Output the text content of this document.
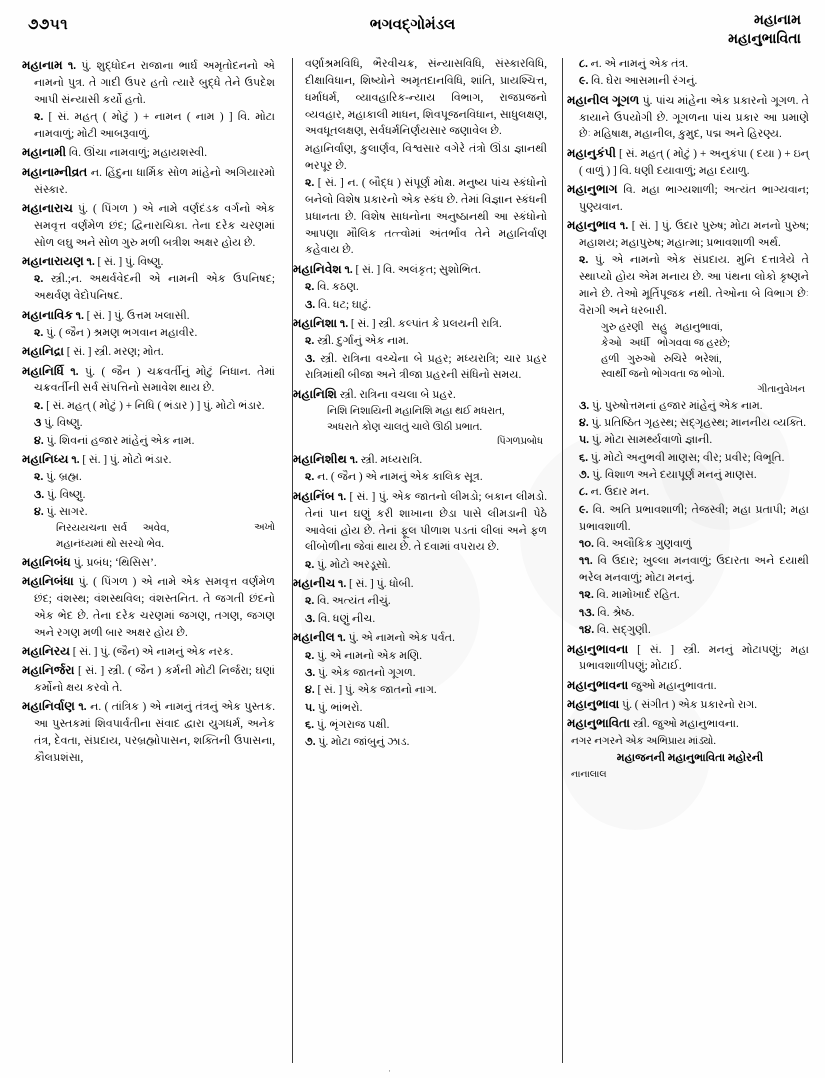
૭૭૫૧	ભગવદ્‌ગોમંડલ	મહાનામ
મહાનુભાવિતા

મહાનામ ૧. પું. શુદ્ધોદન રાજાના ભાર્ઘ અમૃતોદનનો એ નામનો પુત્ર. તે ગાદી ઉપર હતો ત્યારે બુદ્ધે તેને ઉપદેશ આપી સંન્યાસી કર્યો હતો.

૨. [ સં. મહત્ ( મોટું ) + નામન ( નામ ) ] વિ. મોટા નામવાળું; મોટી આબરૂવાળું.

મહાનામી વિ. ઊંચા નામવાળું; મહાયશસ્વી.

મહાનામ્નીવ્રત ન. હિંદુના ધાર્મિક સોળ માંહેનો અગિયારમો સંસ્કાર.

મહાનારાચ પું. ( પિંગળ ) એ નામે વર્ણદંડક વર્ગનો એક સમવૃત્ત વર્ણમેળ છંદ; દ્વિનારાચિકા. તેના દરેક ચરણમાં સોળ લઘુ અને સોળ ગુરુ મળી બત્રીશ અક્ષર હોય છે.

મહાનારાયણ ૧. [ સં. ] પું. વિષ્ણુ.

૨. સ્ત્રી.;ન. અથર્વવેદની એ નામની એક ઉપનિષદ; અથર્વણ વેદોપનિષદ.

મહાનાવિક ૧. [ સં. ] પું. ઉત્તમ ખલાસી.

૨. પું. ( જૈન ) શ્રમણ ભગવાન મહાવીર.

મહાનિદ્રા [ સં. ] સ્ત્રી. મરણ; મોત.

મહાનિર્ધિ ૧. પું. ( જૈન ) ચક્રવર્તીનું મોટું નિધાન. તેમાં ચક્રવર્તીની સર્વ સંપત્તિનો સમાવેશ થાય છે.

૨. [ સં. મહત્ ( મોટું ) + નિધિ ( ભંડાર ) ] પું. મોટો ભંડાર.

૩ પું. વિષ્ણુ.

૪. પું. શિવનાં હજાર માંહેનું એક નામ.

મહાનિધ્ય ૧. [ સં. ] પું. મોટો ભંડાર.

૨. પું. બ્રહ્મ.

૩. પું. વિષ્ણુ.

૪. પું. સાગર.

અખો
નિરયયચના  સર્વ      અવેવ,
મહાનંધ્યમાં થો સરચો ભેવ.

મહાનિબંધ પું. પ્રબંધ; ‘થિસિસ’.

મહાનિબંધા પું. ( પિંગળ ) એ નામે એક સમવૃત્ત વર્ણમેળ છંદ; વંશસ્થ; વંશસ્થવિલ; વંશસ્તનિત. તે જગતી છંદનો એક ભેદ છે. તેના દરેક ચરણમાં જગણ, તગણ, જગણ અને રગણ મળી બાર અક્ષર હોય છે.

મહાનિરય [ સં. ] પું. (જૈન) એ નામનું એક નરક.

મહાનિર્જરા [ સં. ] સ્ત્રી. ( જૈન ) કર્મની મોટી નિર્જરા; ઘણાં કર્મોનો ક્ષય કરવો તે.

મહાનિર્વાણ ૧. ન. ( તાંત્રિક ) એ નામનું તંત્રનું એક પુસ્તક. આ પુસ્તકમાં શિવપાર્વતીના સંવાદ દ્વારા યુગધર્મ, અનેક તંત્ર, દેવતા, સંપ્રદાય, પરબ્રહ્મોપાસન, શક્તિની ઉપાસના, કૌલપ્રશંસા,

વર્ણાશ્રમવિધિ, ભૈરવીચક્ર, સંન્યાસવિધિ, સંસ્કારવિધિ, દીક્ષાવિધાન, શિષ્યોને અમૃતદાનવિધિ, શાંતિ, પ્રાયશ્ચિત્ત, ધર્માધર્મ, વ્યાવહારિક-ન્યાય વિભાગ, રાજપ્રજનો વ્યવહાર, મહાકાલી માધન, શિવપૂજનવિધાન, સાધુલક્ષણ, અવધૂતલક્ષણ, સર્વધર્મનિર્ણયસાર જણાવેલ છે.

મહાનિર્વાણ, કુલાર્ણવ, વિશ્વસાર વગેરે તંત્રો ઊંડા જ્ઞાનથી ભરપૂર છે.

૨. [ સં. ] ન. ( બૌદ્ધ ) સંપૂર્ણ મોક્ષ. મનુષ્ય પાંચ સ્કંધોનો બનેલો વિશેષ પ્રકારનો એક સ્કંધ છે. તેમાં વિજ્ઞાન સ્કંધની પ્રધાનતા છે. વિશેષ સાધનોના અનુષ્ઠાનથી આ સ્કંધોનો આપણા મૌલિક તત્ત્વોમાં અંતર્ભાવ તેને મહાનિર્વાણ કહેવાય છે.

મહાનિવેશ ૧. [ સં. ] વિ. અલંકૃત; સુશોભિત.

૨. વિ. કઠણ.

૩. વિ. ધટ; ઘાટું.

મહાનિશા ૧. [ સં. ] સ્ત્રી. કલ્પાંત કે પ્રલયની રાત્રિ.

૨. સ્ત્રી. દુર્ગાનું એક નામ.

૩. સ્ત્રી. રાત્રિના વચ્ચેના બે પ્રહર; મધ્યરાત્રિ; ચાર પ્રહર રાત્રિમાંથી બીજા અને ત્રીજા પ્રહરની સંધિનો સમય.

મહાનિશિ સ્ત્રી. રાત્રિના વચલા બે પ્રહર.

નિશિ નિશાયિની મહાનિશિ મહા થઈ મધરાત,
અધરાતે કોણ ચાલતું ચાલે ઊઠી પ્રભાત.
પિંગળપ્રબોધ

મહાનિશીથ ૧. સ્ત્રી. મધ્યરાત્રિ.

૨. ન. ( જૈન ) એ નામનું એક કાલિક સૂત્ર.

મહાનિંબ ૧. [ સં. ] પું. એક જાતનો લીમડો; બકાન લીમડો. તેનાં પાન ઘણું કરી શાખાના છેડા પાસે લીમડાની પેઠે આવેલાં હોય છે. તેનાં ફૂલ પીળાશ પડતાં લીલાં અને ફળ લીંબોળીના જેવાં થાય છે. તે દવામાં વપરાય છે.

૨. પું. મોટો અરડૂસો.

મહાનીચ ૧. [ સં. ] પું. ધોબી.

૨. વિ. અત્યંત નીચું.

૩. વિ. ધણું નીચ.

મહાનીલ ૧. પું. એ નામનો એક પર્વત.

૨. પું. એ નામનો એક મણિ.

૩. પું. એક જાતનો ગૂગળ.

૪. [ સં. ] પું. એક જાતનો નાગ.

૫. પું. ભાંભરો.

૬. પું. ભૃંગરાજ પક્ષી.

૭. પું. મોટા જાંબુનું ઝાડ.

૮. ન. એ નામનું એક તંત્ર.

૯. વિ. ઘેરા આસમાની રંગનું.

મહાનીલ ગૂગળ પું. પાંચ માંહેના એક પ્રકારનો ગૂગળ. તે કાયાને ઉપયોગી છે. ગૂગળના પાંચ પ્રકાર આ પ્રમાણે છેઃ મહિષાક્ષ, મહાનીલ, કુમુદ, પદ્મ અને હિરણ્ય.

મહાનુકંપી [ સં. મહત્ ( મોટું ) + અનુકંપા ( દયા ) + ઇન્ ( વાળું ) ] વિ. ધણી દયાવાળું; મહા દયાળુ.

મહાનુભાગ વિ. મહા ભાગ્યશાળી; અત્યંત ભાગ્યવાન; પુણ્યવાન.

મહાનુભાવ ૧. [ સં. ] પું. ઉદાર પુરુષ; મોટા મનનો પુરુષ; મહાશય; મહાપુરુષ; મહાત્મા; પ્રભાવશાળી અર્થ.

૨. પું. એ નામનો એક સંપ્રદાય. મુનિ દત્તાત્રેયે તે સ્થાપ્યો હોય એમ મનાય છે. આ પંથના લોકો કૃષ્ણને માને છે. તેઓ મૂર્તિપૂજક નથી. તેઓના બે વિભાગ છેઃ વૈરાગી અને ધરબારી.

ગુરુ હરણી   સહુ   મહાનુભાવાં,
કેઓ   અર્ધી   ભોગવવા જ હરછે;
હળી   ગુરુઓ   રુચિરે   ભરેશાં,
સ્વાર્થી જનો ભોગવતા જ ભોગો.
ગીતાનુવેખન

૩. પું. પુરુષોત્તમનાં હજાર માંહેનું એક નામ.

૪. પું. પ્રતિષ્ઠિત ગૃહસ્થ; સદ્‌ગૃહસ્થ; માનનીય વ્યક્તિ.

૫. પું. મોટા સામર્થ્યવાળો જ્ઞાની.

૬. પું. મોટો અનુભવી માણસ; વીર; પ્રવીર; વિભૂતિ.

૭. પું. વિશાળ અને દયાપૂર્ણ મનનું માણસ.

૮. ન. ઉદાર મન.

૯. વિ. અતિ પ્રભાવશાળી; તેજસ્વી; મહા પ્રતાપી; મહા પ્રભાવશાળી.

૧૦. વિ. અલૌકિક ગુણવાળું

૧૧. વિ ઉદાર; ખુલ્લા મનવાળું; ઉદારતા અને દયાથી ભરેલ મનવાળું; મોટા મનનું.

૧૨. વિ. મામોખાર્દ રહિત.

૧૩. વિ. શ્રેષ્ઠ.

૧૪. વિ. સદ્‌ગુણી.

મહાનુભાવના [ સં. ] સ્ત્રી. મનનું મોટાપણું; મહા પ્રભાવશાળીપણું; મોટાઈ.

મહાનુભાવના જુઓ મહાનુભાવતા.

મહાનુભાવા પું. ( સંગીત ) એક પ્રકારનો રાગ.

મહાનુભાવિતા સ્ત્રી. જુઓ મહાનુભાવના.

નગર નગરને એક અભિપ્રાય માંડ્યો.
મહાજનની મહાનુભાવિતા મહોરની
નાનાલાલ
·
